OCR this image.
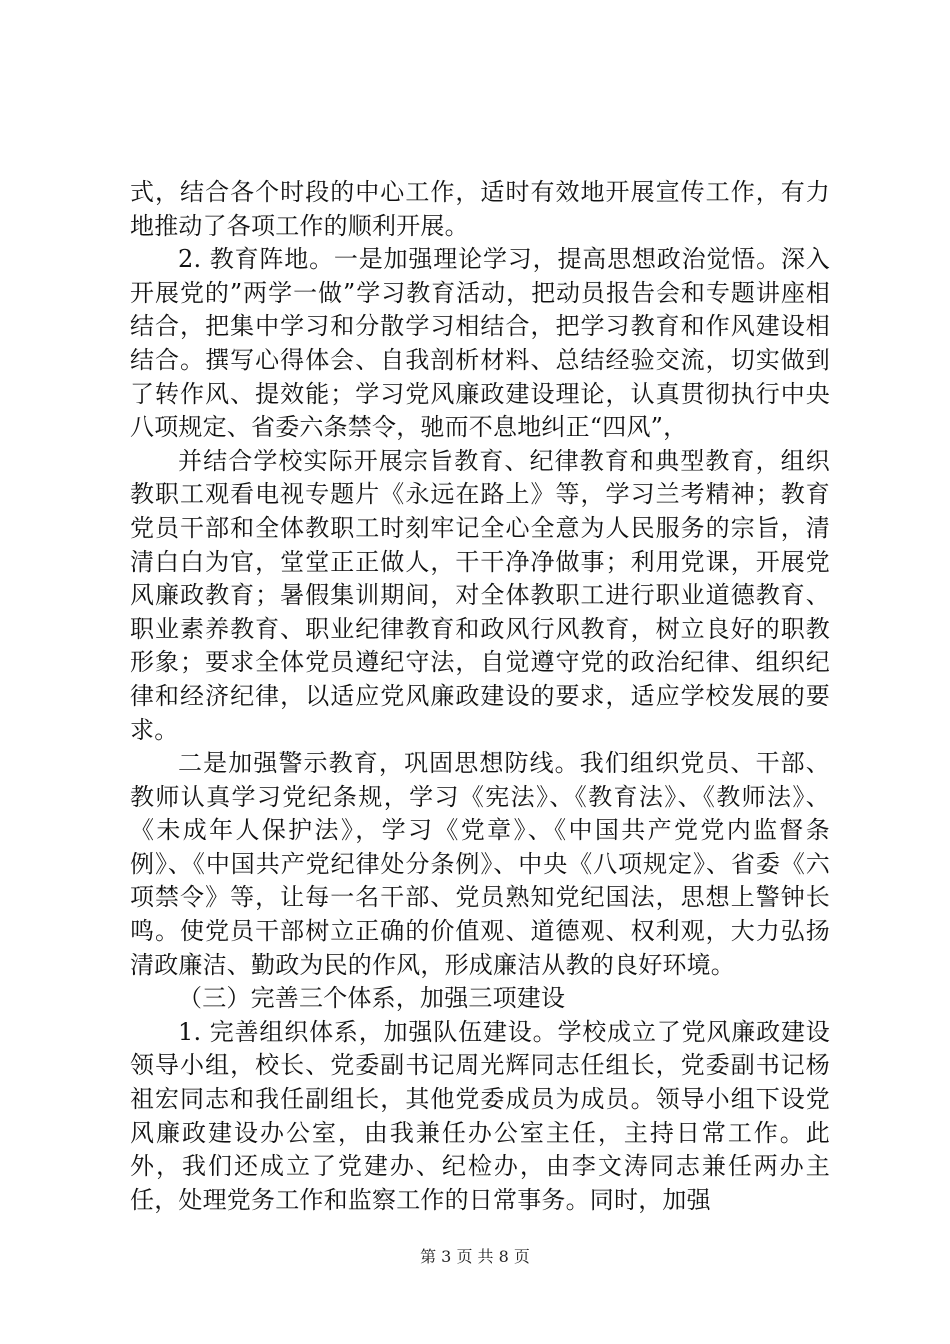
式，结合各个时段的中心工作，适时有效地开展宣传工作，有力地推动了各项工作的顺利开展。

2. 教育阵地。一是加强理论学习，提高思想政治觉悟。深入开展党的”两学一做”学习教育活动，把动员报告会和专题讲座相结合，把集中学习和分散学习相结合，把学习教育和作风建设相结合。撰写心得体会、自我剖析材料、总结经验交流，切实做到了转作风、提效能；学习党风廉政建设理论，认真贯彻执行中央八项规定、省委六条禁令，驰而不息地纠正“四风”，

并结合学校实际开展宗旨教育、纪律教育和典型教育，组织教职工观看电视专题片《永远在路上》等，学习兰考精神；教育党员干部和全体教职工时刻牢记全心全意为人民服务的宗旨，清清白白为官，堂堂正正做人，干干净净做事；利用党课，开展党风廉政教育；暑假集训期间，对全体教职工进行职业道德教育、职业素养教育、职业纪律教育和政风行风教育，树立良好的职教形象；要求全体党员遵纪守法，自觉遵守党的政治纪律、组织纪律和经济纪律，以适应党风廉政建设的要求，适应学校发展的要求。

二是加强警示教育，巩固思想防线。我们组织党员、干部、教师认真学习党纪条规，学习《宪法》、《教育法》、《教师法》、《未成年人保护法》，学习《党章》、《中国共产党党内监督条例》、《中国共产党纪律处分条例》、中央《八项规定》、省委《六项禁令》等，让每一名干部、党员熟知党纪国法，思想上警钟长鸣。使党员干部树立正确的价值观、道德观、权利观，大力弘扬清政廉洁、勤政为民的作风，形成廉洁从教的良好环境。

（三）完善三个体系，加强三项建设

1. 完善组织体系，加强队伍建设。学校成立了党风廉政建设领导小组，校长、党委副书记周光辉同志任组长，党委副书记杨祖宏同志和我任副组长，其他党委成员为成员。领导小组下设党风廉政建设办公室，由我兼任办公室主任，主持日常工作。此外，我们还成立了党建办、纪检办，由李文涛同志兼任两办主任，处理党务工作和监察工作的日常事务。同时，加强

第 3 页 共 8 页
